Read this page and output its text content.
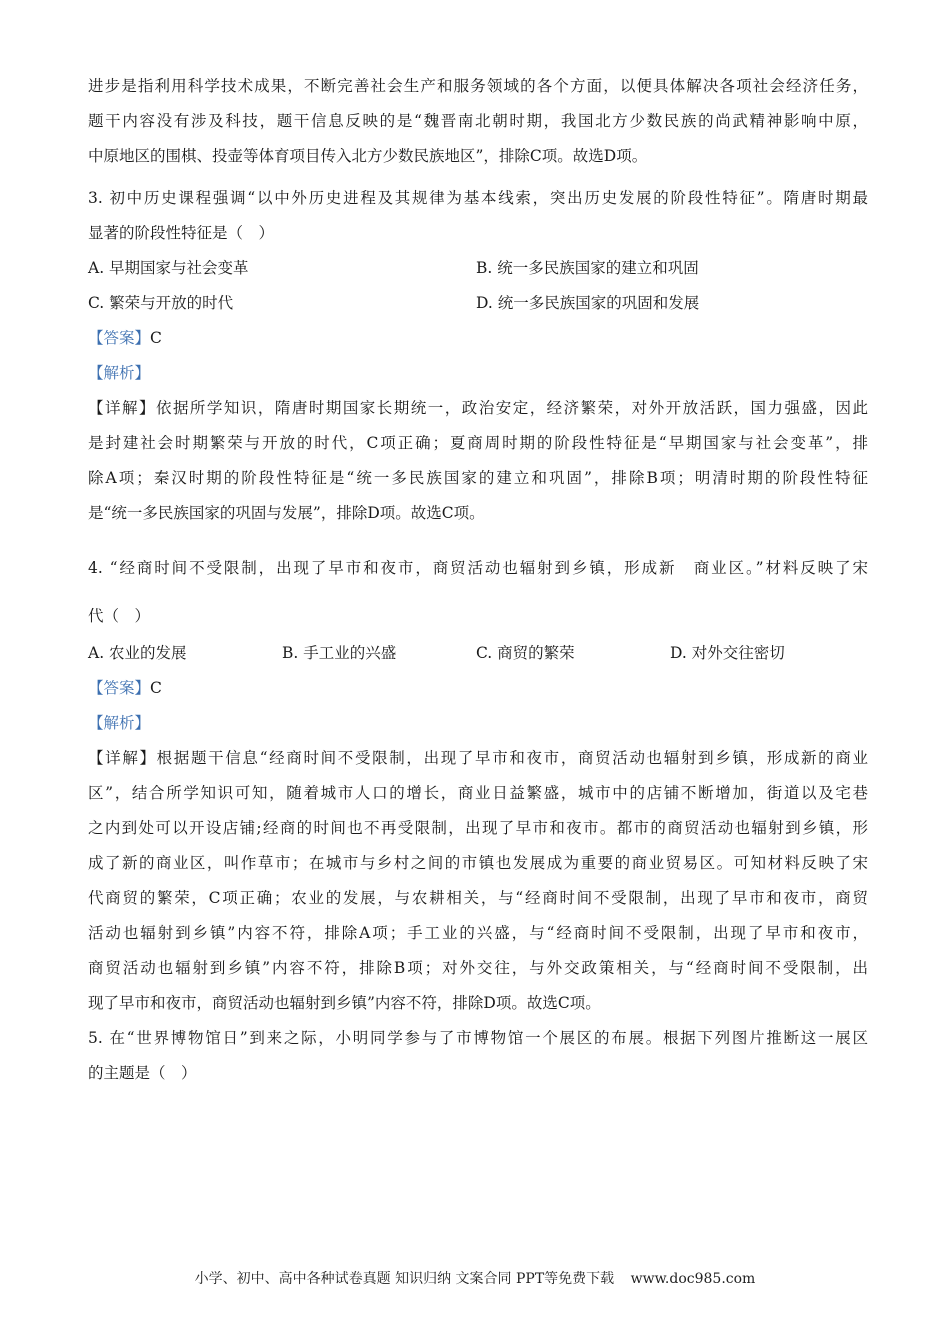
进步是指利用科学技术成果，不断完善社会生产和服务领域的各个方面，以便具体解决各项社会经济任务，
题干内容没有涉及科技，题干信息反映的是“魏晋南北朝时期，我国北方少数民族的尚武精神影响中原，
中原地区的围棋、投壶等体育项目传入北方少数民族地区”，排除C项。故选D项。
3. 初中历史课程强调“以中外历史进程及其规律为基本线索，突出历史发展的阶段性特征”。隋唐时期最
显著的阶段性特征是（　）
A. 早期国家与社会变革	B. 统一多民族国家的建立和巩固
C. 繁荣与开放的时代	D. 统一多民族国家的巩固和发展
【答案】C
【解析】
【详解】依据所学知识，隋唐时期国家长期统一，政治安定，经济繁荣，对外开放活跃，国力强盛，因此
是封建社会时期繁荣与开放的时代，C项正确；夏商周时期的阶段性特征是“早期国家与社会变革”，排
除A项；秦汉时期的阶段性特征是“统一多民族国家的建立和巩固”，排除B项；明清时期的阶段性特征
是“统一多民族国家的巩固与发展”，排除D项。故选C项。
4. “经商时间不受限制，出现了早市和夜市，商贸活动也辐射到乡镇，形成新　商业区。”材料反映了宋
代（　）
A. 农业的发展	B. 手工业的兴盛	C. 商贸的繁荣	D. 对外交往密切
【答案】C
【解析】
【详解】根据题干信息“经商时间不受限制，出现了早市和夜市，商贸活动也辐射到乡镇，形成新的商业
区”，结合所学知识可知，随着城市人口的增长，商业日益繁盛，城市中的店铺不断增加，街道以及宅巷
之内到处可以开设店铺;经商的时间也不再受限制，出现了早市和夜市。都市的商贸活动也辐射到乡镇，形
成了新的商业区，叫作草市；在城市与乡村之间的市镇也发展成为重要的商业贸易区。可知材料反映了宋
代商贸的繁荣，C项正确；农业的发展，与农耕相关，与“经商时间不受限制，出现了早市和夜市，商贸
活动也辐射到乡镇”内容不符，排除A项；手工业的兴盛，与“经商时间不受限制，出现了早市和夜市，
商贸活动也辐射到乡镇”内容不符，排除B项；对外交往，与外交政策相关，与“经商时间不受限制，出
现了早市和夜市，商贸活动也辐射到乡镇”内容不符，排除D项。故选C项。
5. 在“世界博物馆日”到来之际，小明同学参与了市博物馆一个展区的布展。根据下列图片推断这一展区
的主题是（　）
小学、初中、高中各种试卷真题 知识归纳 文案合同 PPT等免费下载 www.doc985.com
